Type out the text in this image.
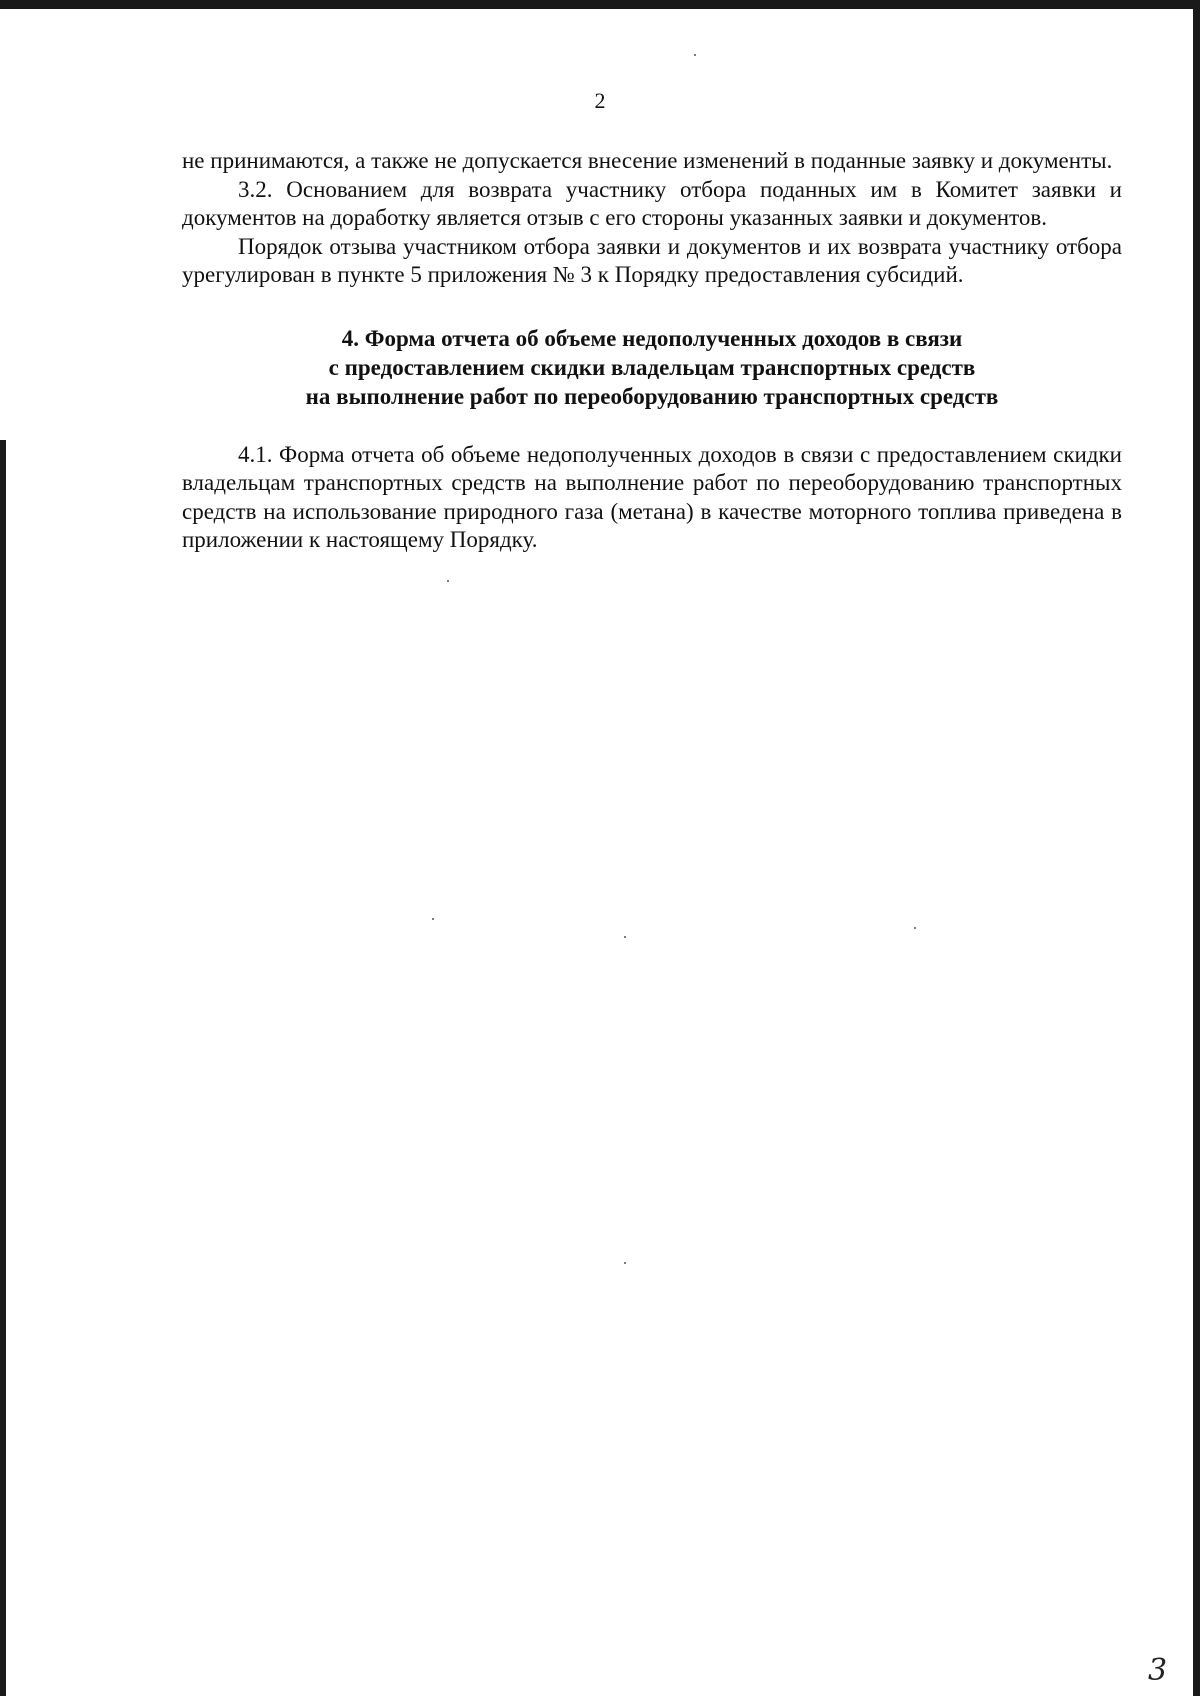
2

не принимаются, а также не допускается внесение изменений в поданные заявку и документы.

3.2. Основанием для возврата участнику отбора поданных им в Комитет заявки и документов на доработку является отзыв с его стороны указанных заявки и документов.

Порядок отзыва участником отбора заявки и документов и их возврата участнику отбора урегулирован в пункте 5 приложения № 3 к Порядку предоставления субсидий.

4. Форма отчета об объеме недополученных доходов в связи
с предоставлением скидки владельцам транспортных средств
на выполнение работ по переоборудованию транспортных средств

4.1. Форма отчета об объеме недополученных доходов в связи с предоставлением скидки владельцам транспортных средств на выполнение работ по переоборудованию транспортных средств на использование природного газа (метана) в качестве моторного топлива приведена в приложении к настоящему Порядку.

3
